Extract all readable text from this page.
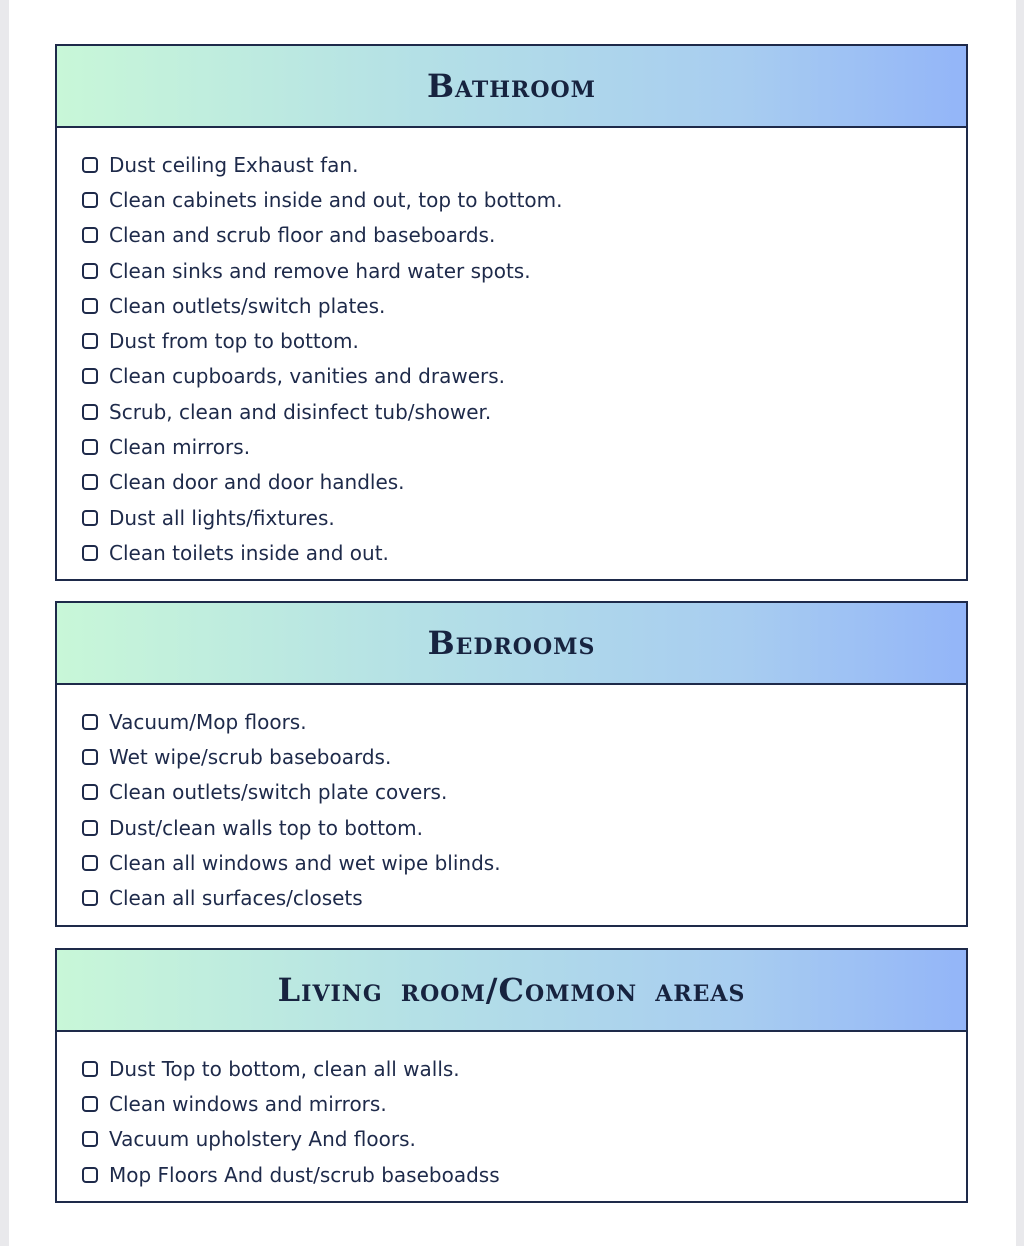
Bathroom
Dust ceiling Exhaust fan.
Clean cabinets inside and out, top to bottom.
Clean and scrub floor and baseboards.
Clean sinks and remove hard water spots.
Clean outlets/switch plates.
Dust from top to bottom.
Clean cupboards, vanities and drawers.
Scrub, clean and disinfect tub/shower.
Clean mirrors.
Clean door and door handles.
Dust all lights/fixtures.
Clean toilets inside and out.
Bedrooms
Vacuum/Mop floors.
Wet wipe/scrub baseboards.
Clean outlets/switch plate covers.
Dust/clean walls top to bottom.
Clean all windows and wet wipe blinds.
Clean all surfaces/closets
Living room/Common areas
Dust Top to bottom, clean all walls.
Clean windows and mirrors.
Vacuum upholstery And floors.
Mop Floors And dust/scrub baseboadss
